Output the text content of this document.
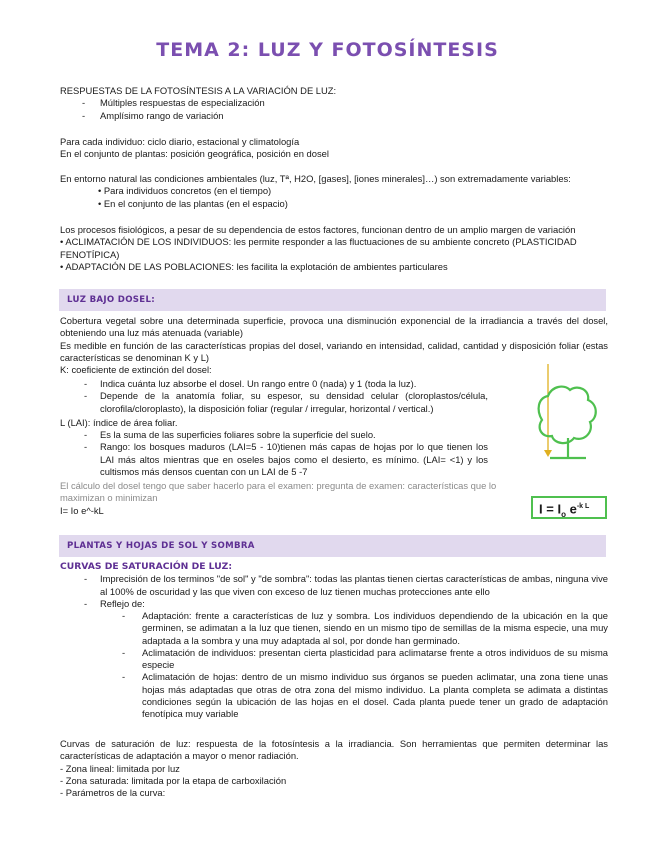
TEMA 2: LUZ Y FOTOSÍNTESIS

RESPUESTAS DE LA FOTOSÍNTESIS A LA VARIACIÓN DE LUZ:

- Múltiples respuestas de especialización

- Amplísimo rango de variación

Para cada individuo: ciclo diario, estacional y climatología

En el conjunto de plantas: posición geográfica, posición en dosel

En entorno natural las condiciones ambientales (luz, Tª, H2O, [gases], [iones minerales]…) son extremadamente variables:

• Para individuos concretos (en el tiempo)

• En el conjunto de las plantas (en el espacio)

Los procesos fisiológicos, a pesar de su dependencia de estos factores, funcionan dentro de un amplio margen de variación

• ACLIMATACIÓN DE LOS INDIVIDUOS: les permite responder a las fluctuaciones de su ambiente concreto (PLASTICIDAD FENOTÍPICA)

• ADAPTACIÓN DE LAS POBLACIONES: les facilita la explotación de ambientes particulares

LUZ BAJO DOSEL:

Cobertura vegetal sobre una determinada superficie, provoca una disminución exponencial de la irradiancia a través del dosel, obteniendo una luz más atenuada (variable)

Es medible en función de las características propias del dosel, variando en intensidad, calidad, cantidad y disposición foliar (estas características se denominan K y L)

K: coeficiente de extinción del dosel:

- Indica cuánta luz absorbe el dosel. Un rango entre 0 (nada) y 1 (toda la luz).

- Depende de la anatomía foliar, su espesor, su densidad celular (cloroplastos/célula, clorofila/cloroplasto), la disposición foliar (regular / irregular, horizontal / vertical.)

L (LAI): índice de área foliar.

- Es la suma de las superficies foliares sobre la superficie del suelo.

- Rango: los bosques maduros (LAI=5 - 10)tienen más capas de hojas por lo que tienen los LAI más altos mientras que en oseles bajos como el desierto, es mínimo. (LAI= <1) y los cultismos más densos cuentan con un LAI de 5 -7

El cálculo del dosel tengo que saber hacerlo para el examen: pregunta de examen: características que lo maximizan o minimizan

I= Io e^-kL	$I = I_o$ $e^{-k L}$
PLANTAS Y HOJAS DE SOL Y SOMBRA

CURVAS DE SATURACIÓN DE LUZ:

- Imprecisión de los terminos "de sol" y "de sombra": todas las plantas tienen ciertas características de ambas, ninguna vive al 100% de oscuridad y las que viven con exceso de luz tienen muchas protecciones ante ello

- Reflejo de:

- Adaptación: frente a características de luz y sombra. Los individuos dependiendo de la ubicación en la que germinen, se adimatan a la luz que tienen, siendo en un mismo tipo de semillas de la misma especie, una muy adaptada a la sombra y una muy adaptada al sol, por donde han germinado.

- Aclimatación de individuos: presentan cierta plasticidad para aclimatarse frente a otros individuos de su misma especie

- Aclimatación de hojas: dentro de un mismo individuo sus órganos se pueden aclimatar, una zona tiene unas hojas más adaptadas que otras de otra zona del mismo individuo. La planta completa se adimata a distintas condiciones según la ubicación de las hojas en el dosel. Cada planta puede tener un grado de adaptación fenotípica muy variable

Curvas de saturación de luz: respuesta de la fotosíntesis a la irradiancia. Son herramientas que permiten determinar las características de adaptación a mayor o menor radiación.

- Zona lineal: limitada por luz

- Zona saturada: limitada por la etapa de carboxilación

- Parámetros de la curva:
